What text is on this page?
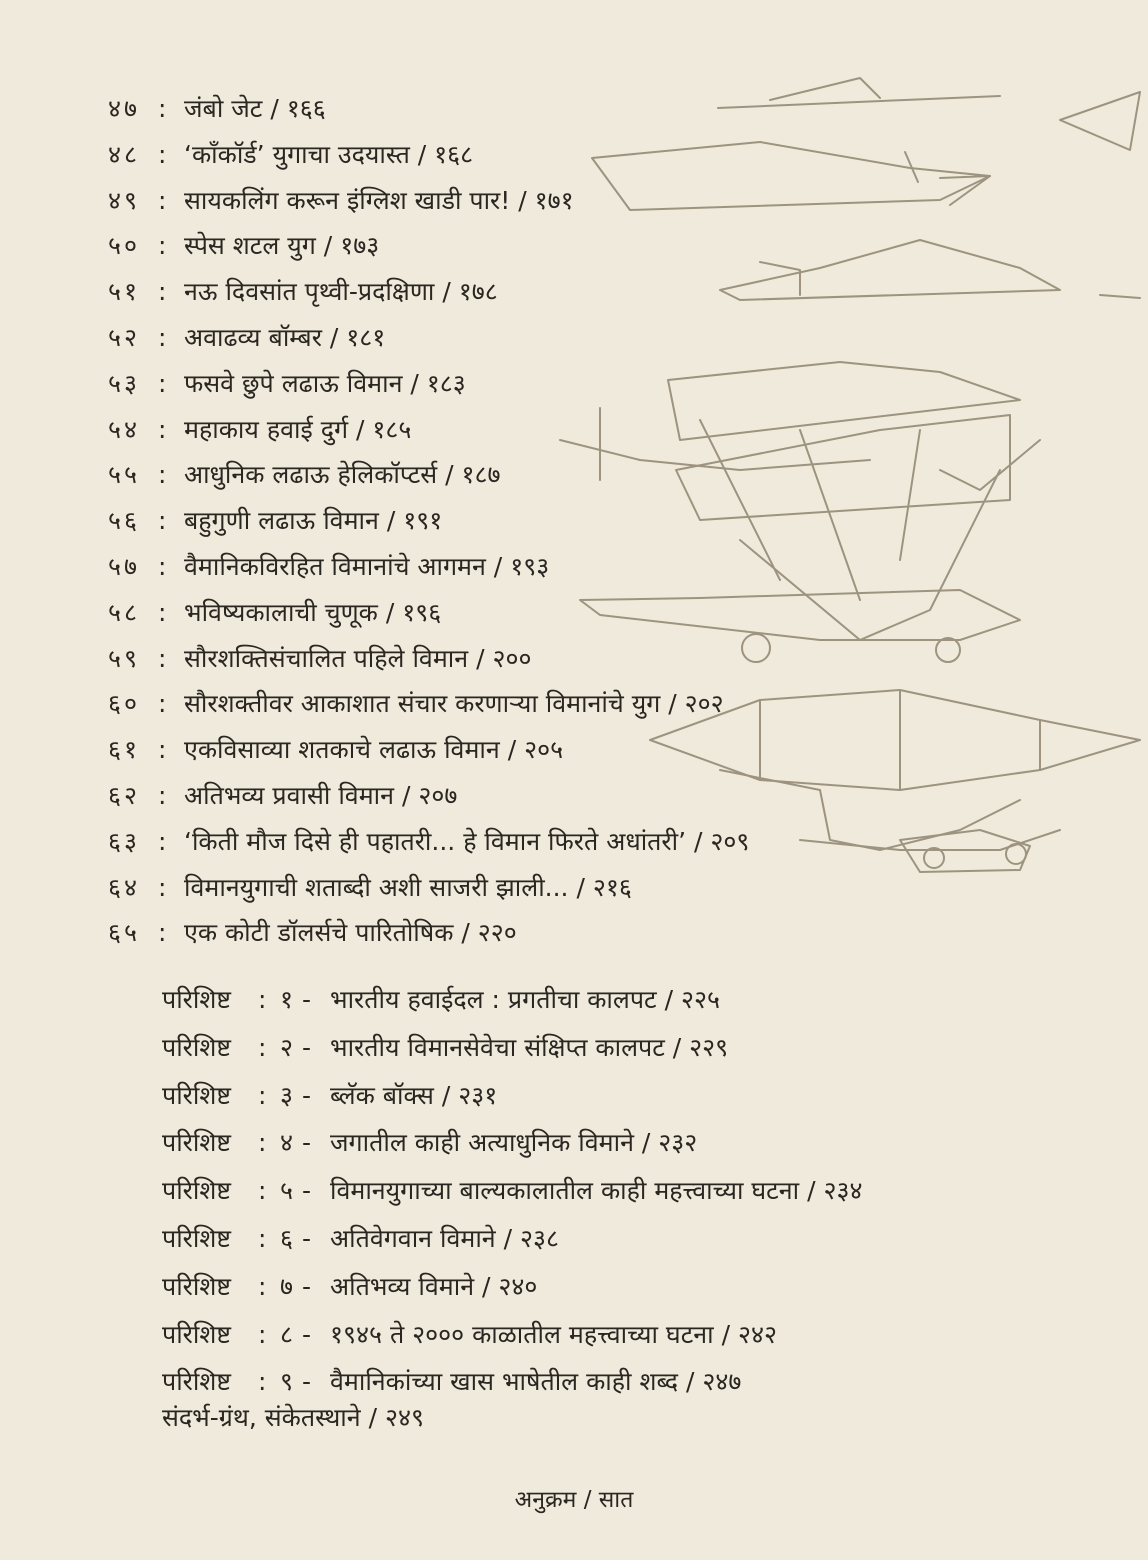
४७ : जंबो जेट / १६६
४८ : ‘काँकॉर्ड’ युगाचा उदयास्त / १६८
४९ : सायकलिंग करून इंग्लिश खाडी पार! / १७१
५० : स्पेस शटल युग / १७३
५१ : नऊ दिवसांत पृथ्वी-प्रदक्षिणा / १७८
५२ : अवाढव्य बॉम्बर / १८१
५३ : फसवे छुपे लढाऊ विमान / १८३
५४ : महाकाय हवाई दुर्ग / १८५
५५ : आधुनिक लढाऊ हेलिकॉप्टर्स / १८७
५६ : बहुगुणी लढाऊ विमान / १९१
५७ : वैमानिकविरहित विमानांचे आगमन / १९३
५८ : भविष्यकालाची चुणूक / १९६
५९ : सौरशक्तिसंचालित पहिले विमान / २००
६० : सौरशक्तीवर आकाशात संचार करणाऱ्या विमानांचे युग / २०२
६१ : एकविसाव्या शतकाचे लढाऊ विमान / २०५
६२ : अतिभव्य प्रवासी विमान / २०७
६३ : ‘किती मौज दिसे ही पहातरी... हे विमान फिरते अधांतरी’ / २०९
६४ : विमानयुगाची शताब्दी अशी साजरी झाली... / २१६
६५ : एक कोटी डॉलर्सचे पारितोषिक / २२०
परिशिष्ट	: १ - भारतीय हवाईदल : प्रगतीचा कालपट / २२५
परिशिष्ट	: २ - भारतीय विमानसेवेचा संक्षिप्त कालपट / २२९
परिशिष्ट	: ३ - ब्लॅक बॉक्स / २३१
परिशिष्ट	: ४ - जगातील काही अत्याधुनिक विमाने / २३२
परिशिष्ट	: ५ - विमानयुगाच्या बाल्यकालातील काही महत्त्वाच्या घटना / २३४
परिशिष्ट	: ६ - अतिवेगवान विमाने / २३८
परिशिष्ट	: ७ - अतिभव्य विमाने / २४०
परिशिष्ट	: ८ - १९४५ ते २००० काळातील महत्त्वाच्या घटना / २४२
परिशिष्ट	: ९ - वैमानिकांच्या खास भाषेतील काही शब्द / २४७
संदर्भ-ग्रंथ, संकेतस्थाने / २४९
अनुक्रम / सात
